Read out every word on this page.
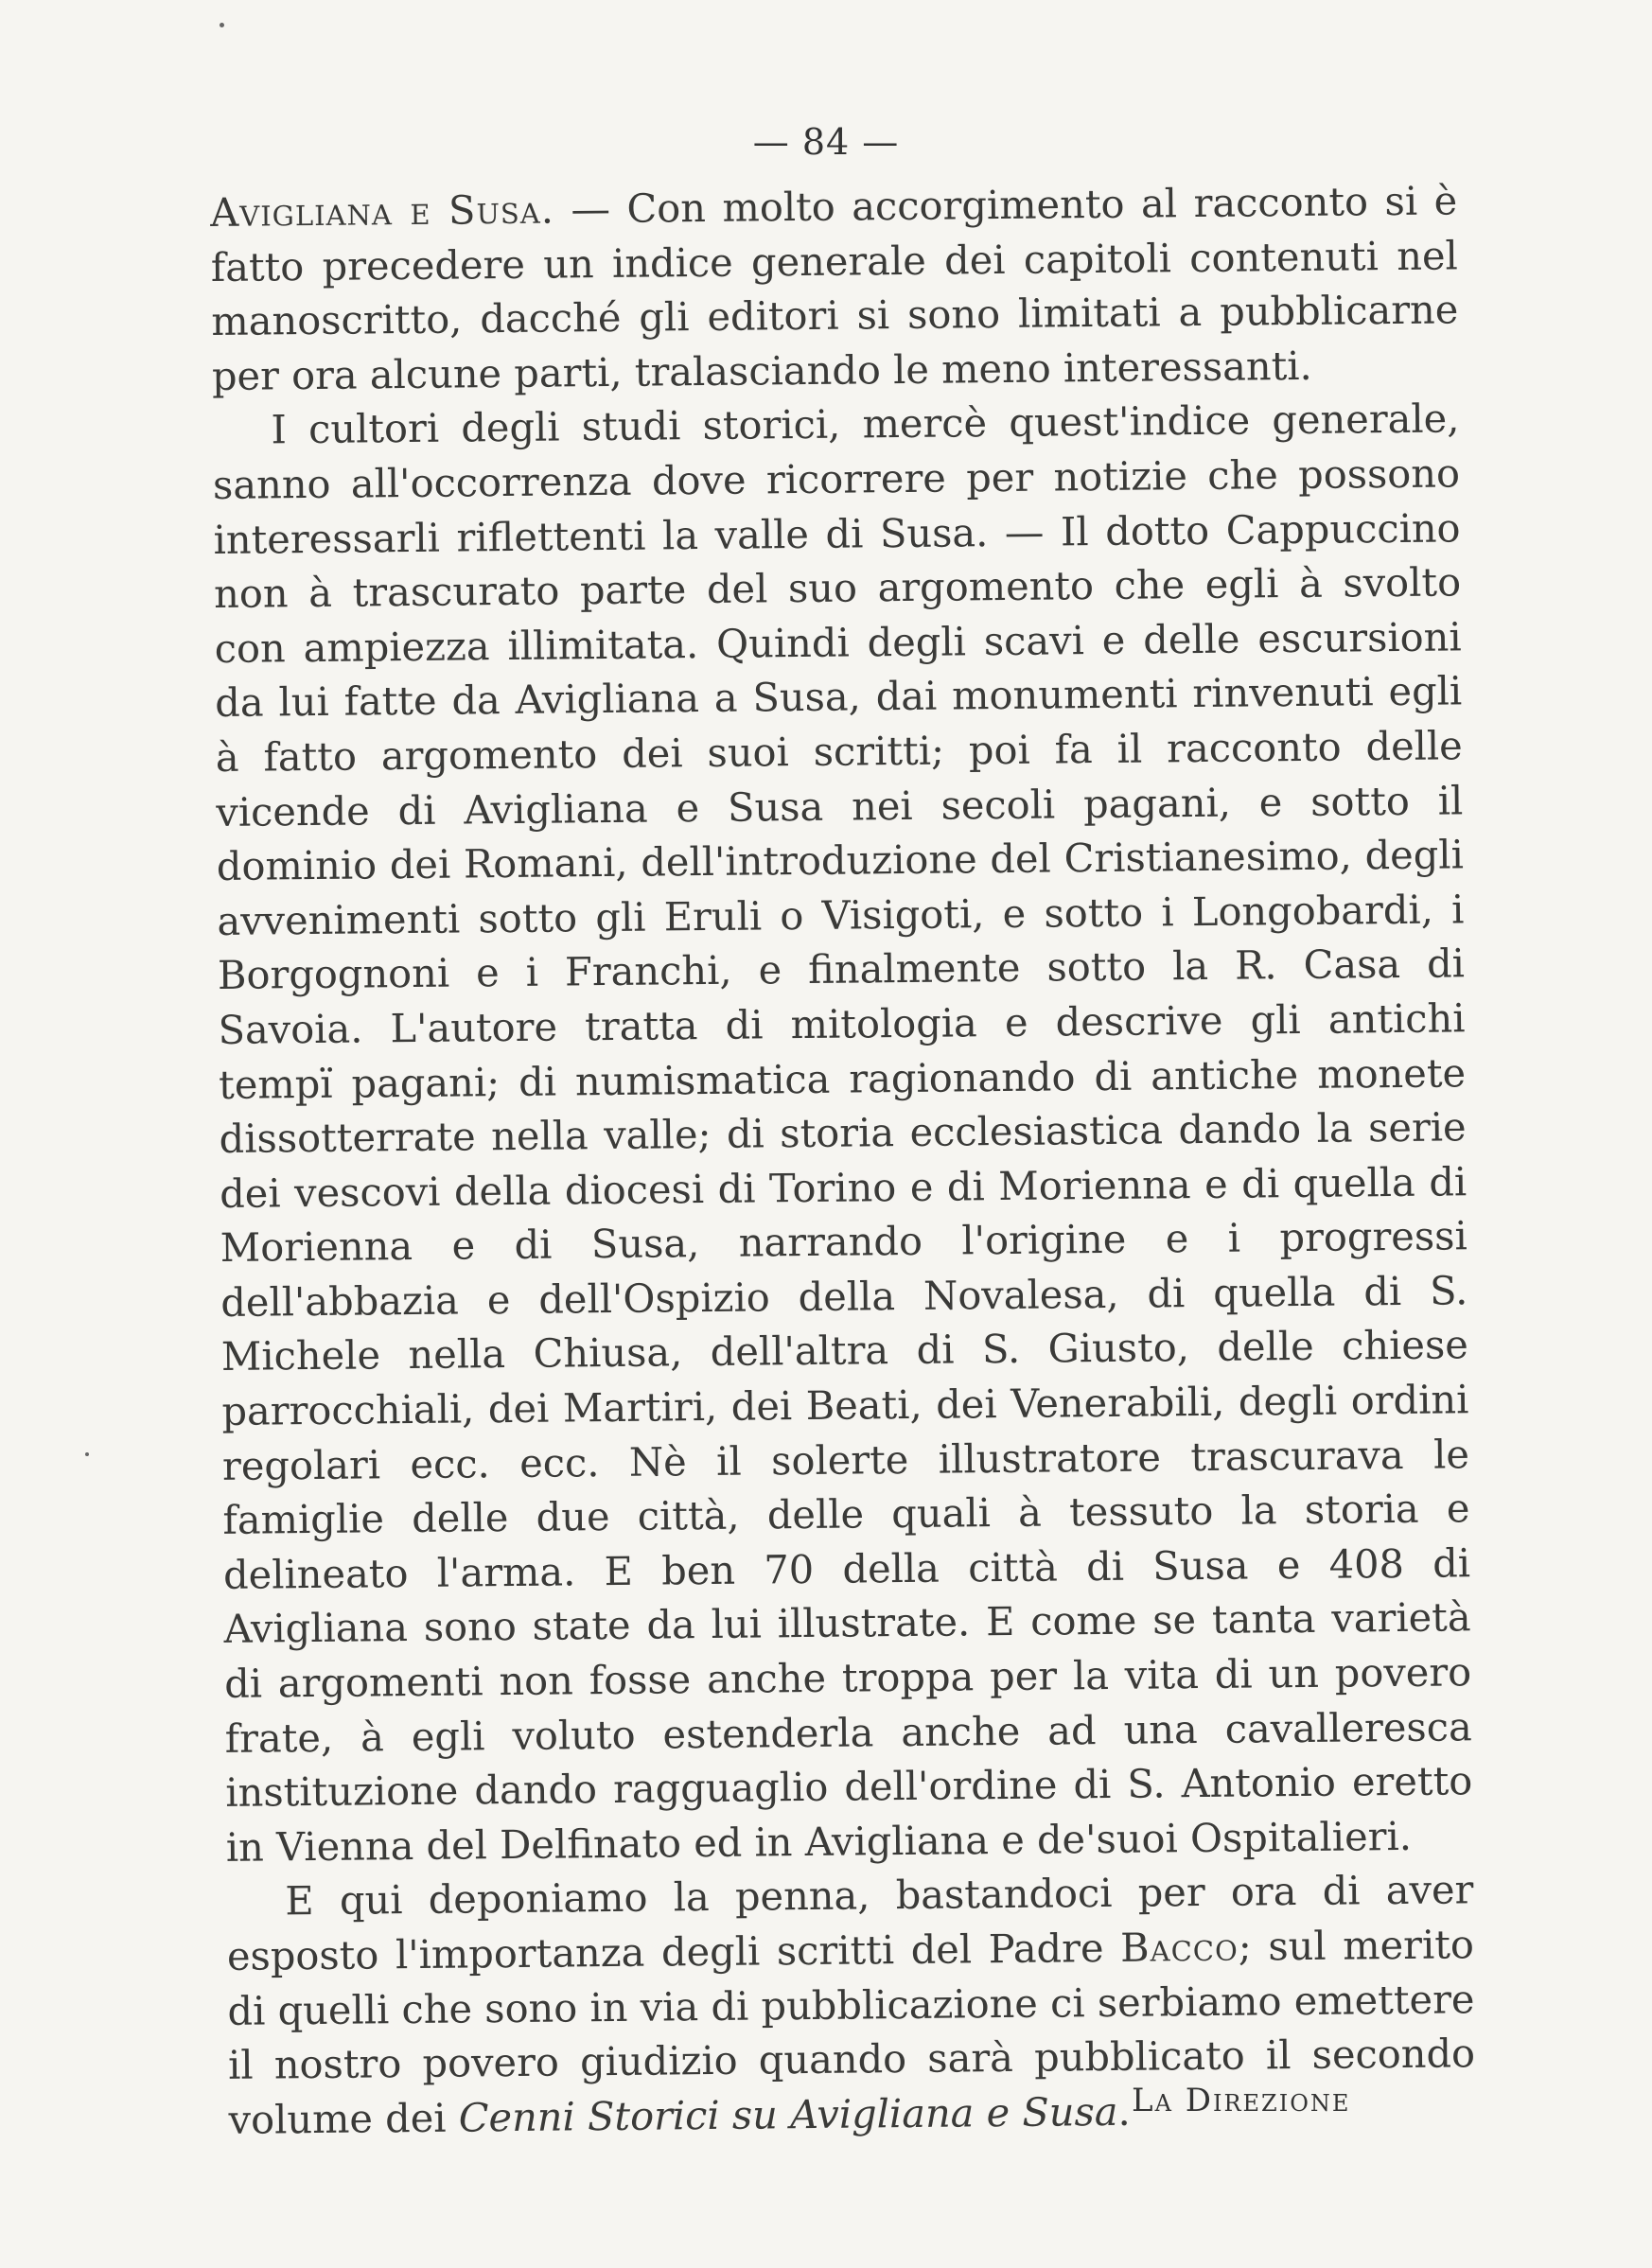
— 84 —

Avigliana e Susa. — Con molto accorgimento al racconto si è fatto precedere un indice generale dei capitoli contenuti nel manoscritto, dacché gli editori si sono limitati a pubblicarne per ora alcune parti, tralasciando le meno interessanti.

I cultori degli studi storici, mercè quest'indice generale, sanno all'occorrenza dove ricorrere per notizie che possono interessarli riflettenti la valle di Susa. — Il dotto Cappuccino non à trascurato parte del suo argomento che egli à svolto con ampiezza illimitata. Quindi degli scavi e delle escursioni da lui fatte da Avigliana a Susa, dai monumenti rinvenuti egli à fatto argomento dei suoi scritti; poi fa il racconto delle vicende di Avigliana e Susa nei secoli pagani, e sotto il dominio dei Romani, dell'introduzione del Cristianesimo, degli avvenimenti sotto gli Eruli o Visigoti, e sotto i Longobardi, i Borgognoni e i Franchi, e finalmente sotto la R. Casa di Savoia. L'autore tratta di mitologia e descrive gli antichi tempï pagani; di numismatica ragionando di antiche monete dissotterrate nella valle; di storia ecclesiastica dando la serie dei vescovi della diocesi di Torino e di Morienna e di quella di Morienna e di Susa, narrando l'origine e i progressi dell'abbazia e dell'Ospizio della Novalesa, di quella di S. Michele nella Chiusa, dell'altra di S. Giusto, delle chiese parrocchiali, dei Martiri, dei Beati, dei Venerabili, degli ordini regolari ecc. ecc. Nè il solerte illustratore trascurava le famiglie delle due città, delle quali à tessuto la storia e delineato l'arma. E ben 70 della città di Susa e 408 di Avigliana sono state da lui illustrate. E come se tanta varietà di argomenti non fosse anche troppa per la vita di un povero frate, à egli voluto estenderla anche ad una cavalleresca instituzione dando ragguaglio dell'ordine di S. Antonio eretto in Vienna del Delfinato ed in Avigliana e de'suoi Ospitalieri.

E qui deponiamo la penna, bastandoci per ora di aver esposto l'importanza degli scritti del Padre Bacco; sul merito di quelli che sono in via di pubblicazione ci serbiamo emettere il nostro povero giudizio quando sarà pubblicato il secondo volume dei Cenni Storici su Avigliana e Susa. La Direzione
